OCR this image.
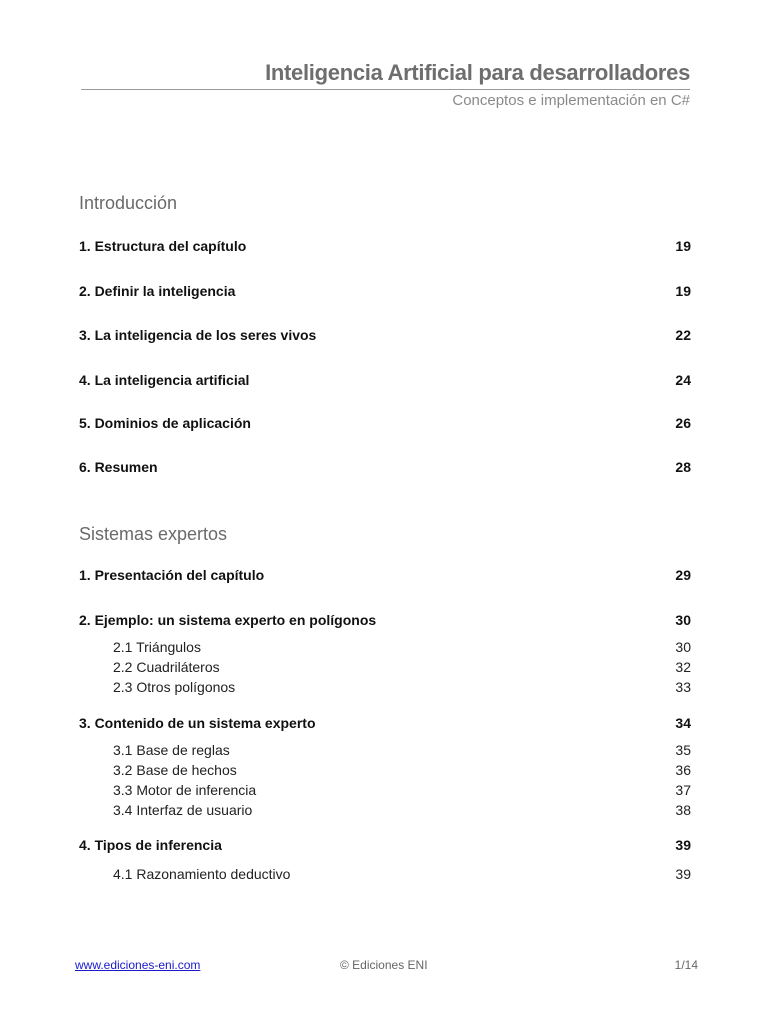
Inteligencia Artificial para desarrolladores
Conceptos e implementación en C#
Introducción
1. Estructura del capítulo	19
2. Definir la inteligencia	19
3. La inteligencia de los seres vivos	22
4. La inteligencia artificial	24
5. Dominios de aplicación	26
6. Resumen	28
Sistemas expertos
1. Presentación del capítulo	29
2. Ejemplo: un sistema experto en polígonos	30
2.1 Triángulos	30
2.2 Cuadriláteros	32
2.3 Otros polígonos	33
3. Contenido de un sistema experto	34
3.1 Base de reglas	35
3.2 Base de hechos	36
3.3 Motor de inferencia	37
3.4 Interfaz de usuario	38
4. Tipos de inferencia	39
4.1 Razonamiento deductivo	39
www.ediciones-eni.com	© Ediciones ENI	1/14
